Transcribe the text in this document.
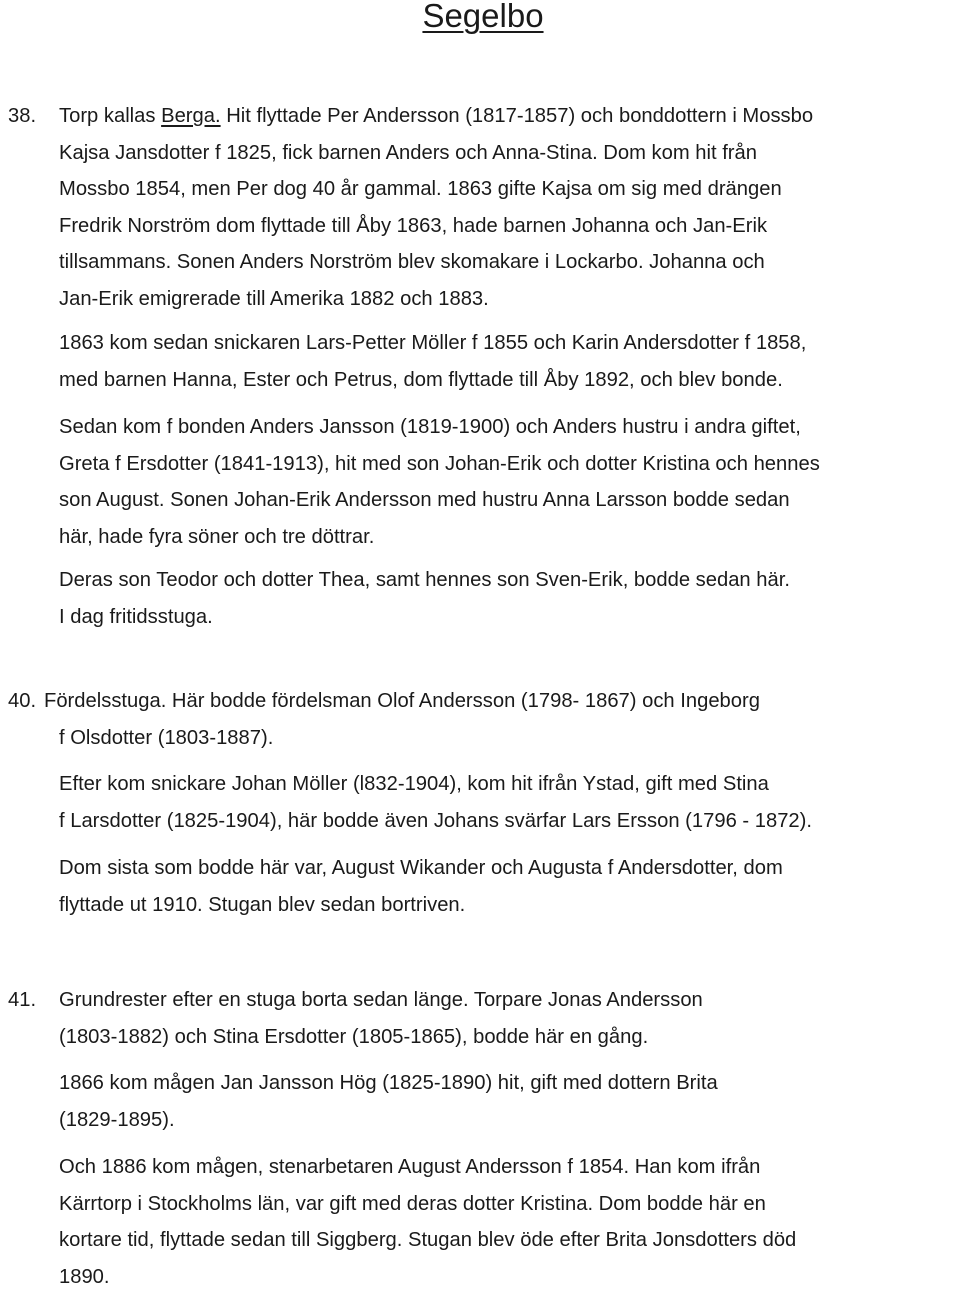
Segelbo
38. Torp kallas Berga. Hit flyttade Per Andersson (1817-1857) och bonddottern i Mossbo
Kajsa Jansdotter f 1825, fick barnen Anders och Anna-Stina. Dom kom hit från
Mossbo 1854, men Per dog 40 år gammal. 1863 gifte Kajsa om sig med drängen
Fredrik Norström dom flyttade till Åby 1863, hade barnen Johanna och Jan-Erik
tillsammans. Sonen Anders Norström blev skomakare i Lockarbo. Johanna och
Jan-Erik emigrerade till Amerika 1882 och 1883.

1863 kom sedan snickaren Lars-Petter Möller f 1855 och Karin Andersdotter f 1858,
med barnen Hanna, Ester och Petrus, dom flyttade till Åby 1892, och blev bonde.

Sedan kom f bonden Anders Jansson (1819-1900) och Anders hustru i andra giftet,
Greta f Ersdotter (1841-1913), hit med son Johan-Erik och dotter Kristina och hennes
son August. Sonen Johan-Erik Andersson med hustru Anna Larsson bodde sedan
här, hade fyra söner och tre döttrar.

Deras son Teodor och dotter Thea, samt hennes son Sven-Erik, bodde sedan här.
I dag fritidsstuga.

40. Fördelsstuga. Här bodde fördelsman Olof Andersson (1798- 1867) och Ingeborg
f Olsdotter (1803-1887).

Efter kom snickare Johan Möller (l832-1904), kom hit ifrån Ystad, gift med Stina
f Larsdotter (1825-1904), här bodde även Johans svärfar Lars Ersson (1796 - 1872).

Dom sista som bodde här var, August Wikander och Augusta f Andersdotter, dom
flyttade ut 1910. Stugan blev sedan bortriven.

41. Grundrester efter en stuga borta sedan länge. Torpare Jonas Andersson
(1803-1882) och Stina Ersdotter (1805-1865), bodde här en gång.

1866 kom mågen Jan Jansson Hög (1825-1890) hit, gift med dottern Brita
(1829-1895).

Och 1886 kom mågen, stenarbetaren August Andersson f 1854. Han kom ifrån
Kärrtorp i Stockholms län, var gift med deras dotter Kristina. Dom bodde här en
kortare tid, flyttade sedan till Siggberg. Stugan blev öde efter Brita Jonsdotters död
1890.
